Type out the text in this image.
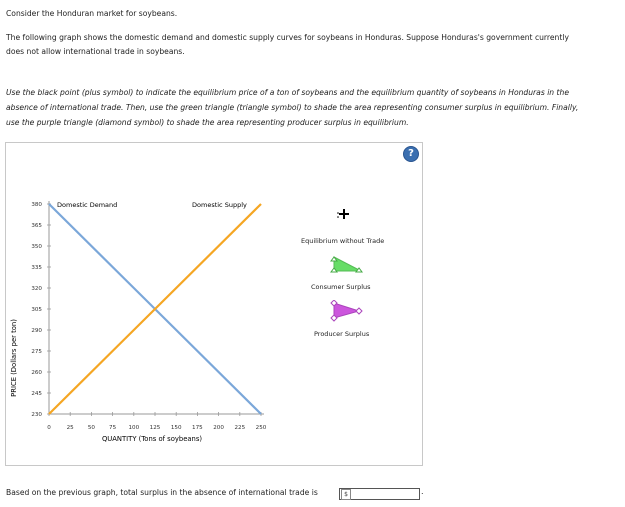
Consider the Honduran market for soybeans.
The following graph shows the domestic demand and domestic supply curves for soybeans in Honduras. Suppose Honduras's government currently
does not allow international trade in soybeans.
Use the black point (plus symbol) to indicate the equilibrium price of a ton of soybeans and the equilibrium quantity of soybeans in Honduras in the
absence of international trade. Then, use the green triangle (triangle symbol) to shade the area representing consumer surplus in equilibrium. Finally,
use the purple triangle (diamond symbol) to shade the area representing producer surplus in equilibrium.
?
PRICE (Dollars per ton)
QUANTITY (Tons of soybeans)
0	25	50	75 100 125 150 175 200 225 250
380
365
350
335
320
305
290
275
260
245
230
Domestic Demand	Domestic Supply
Equilibrium without Trade
Consumer Surplus
Producer Surplus
Based on the previous graph, total surplus in the absence of international trade is	$	.
